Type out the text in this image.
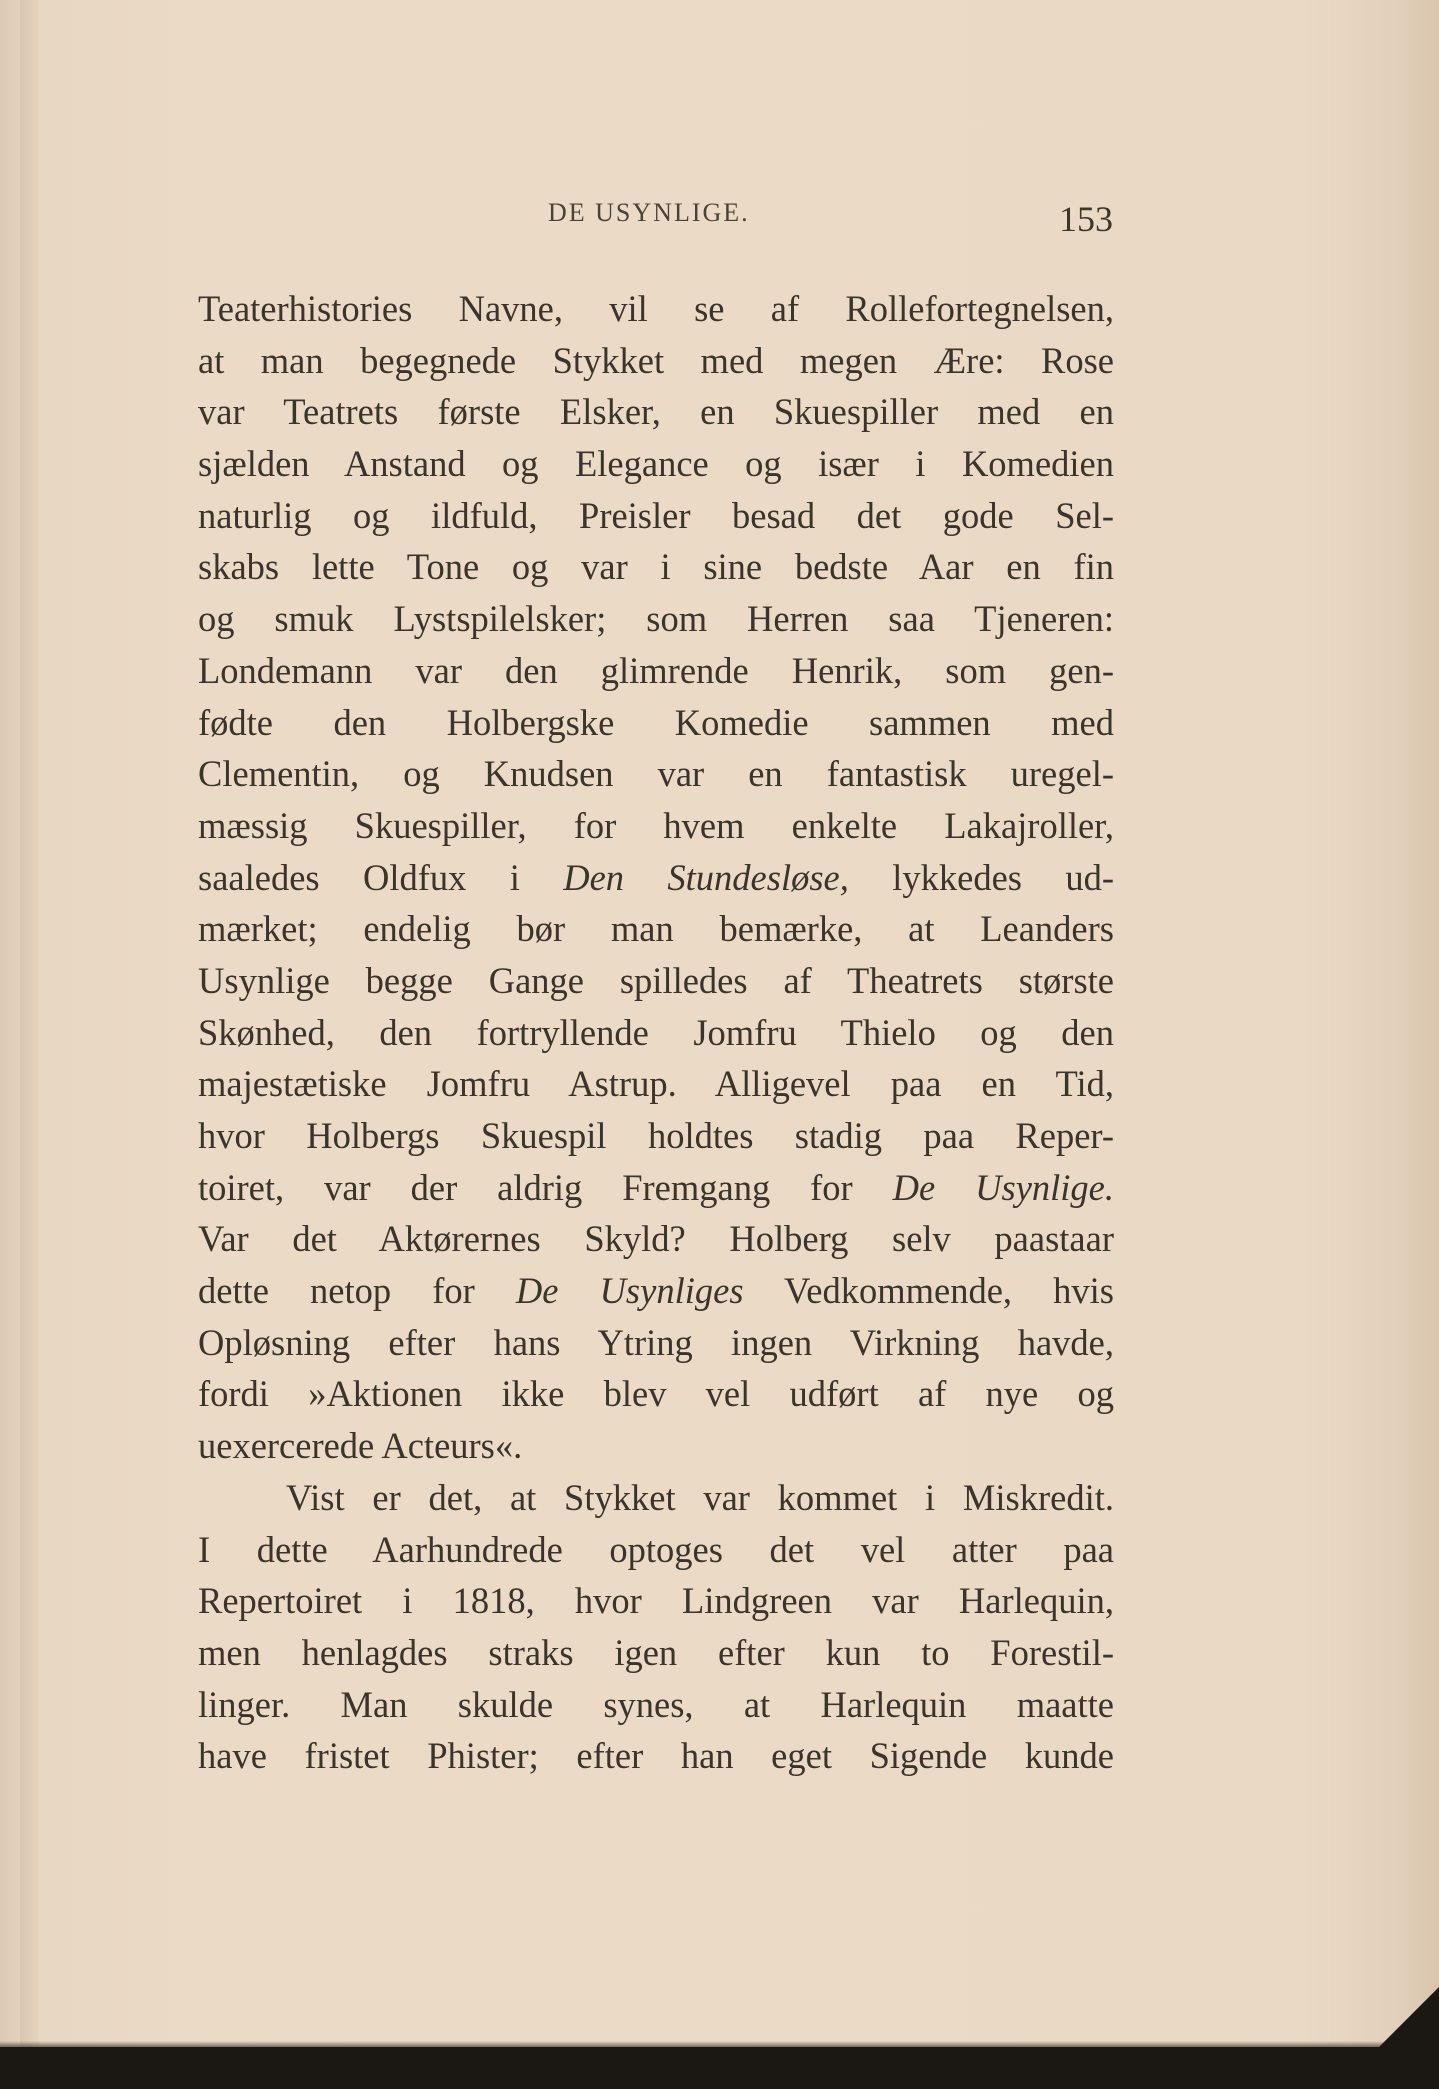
DE USYNLIGE.	153
Teaterhistories Navne, vil se af Rollefortegnelsen,
at man begegnede Stykket med megen Ære: Rose
var Teatrets første Elsker, en Skuespiller med en
sjælden Anstand og Elegance og især i Komedien
naturlig og ildfuld, Preisler besad det gode Sel-
skabs lette Tone og var i sine bedste Aar en fin
og smuk Lystspilelsker; som Herren saa Tjeneren:
Londemann var den glimrende Henrik, som gen-
fødte den Holbergske Komedie sammen med
Clementin, og Knudsen var en fantastisk uregel-
mæssig Skuespiller, for hvem enkelte Lakajroller,
saaledes Oldfux i Den Stundesløse, lykkedes ud-
mærket; endelig bør man bemærke, at Leanders
Usynlige begge Gange spilledes af Theatrets største
Skønhed, den fortryllende Jomfru Thielo og den
majestætiske Jomfru Astrup. Alligevel paa en Tid,
hvor Holbergs Skuespil holdtes stadig paa Reper-
toiret, var der aldrig Fremgang for De Usynlige.
Var det Aktørernes Skyld? Holberg selv paastaar
dette netop for De Usynliges Vedkommende, hvis
Opløsning efter hans Ytring ingen Virkning havde,
fordi »Aktionen ikke blev vel udført af nye og
uexercerede Acteurs«.
Vist er det, at Stykket var kommet i Miskredit.
I dette Aarhundrede optoges det vel atter paa
Repertoiret i 1818, hvor Lindgreen var Harlequin,
men henlagdes straks igen efter kun to Forestil-
linger. Man skulde synes, at Harlequin maatte
have fristet Phister; efter han eget Sigende kunde
